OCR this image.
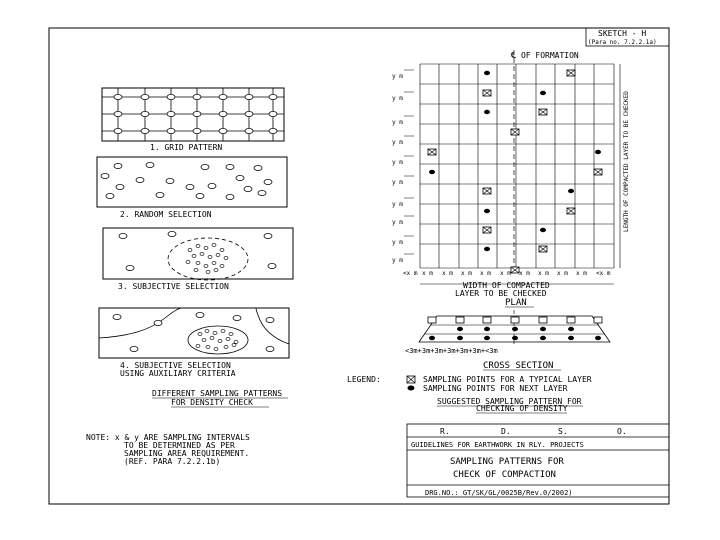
SKETCH - H
(Para no. 7.2.2.1a)
1. GRID PATTERN
2. RANDOM SELECTION
3. SUBJECTIVE SELECTION
4. SUBJECTIVE SELECTION
USING AUXILIARY CRITERIA
DIFFERENT SAMPLING PATTERNS
FOR DENSITY CHECK
NOTE: x & y ARE SAMPLING INTERVALS
TO BE DETERMINED AS PER
SAMPLING AREA REQUIREMENT.
(REF. PARA 7.2.2.1b)
℄ OF FORMATION
y m
y m
y m
y m
y m
y m
y m
y m
y m
y m
<x m x m x m x m x m x m x m x m x m x m <x m
LENGTH OF COMPACTED LAYER TO BE CHECKED
WIDTH OF COMPACTED
LAYER TO BE CHECKED
PLAN
<3m+3m+3m+3m+3m+3m+<3m
CROSS SECTION
LEGEND:	SAMPLING POINTS FOR A TYPICAL LAYER
SAMPLING POINTS FOR NEXT LAYER
SUGGESTED SAMPLING PATTERN FOR
CHECKING OF DENSITY
R.	D.	S.	O.
GUIDELINES FOR EARTHWORK IN RLY. PROJECTS
SAMPLING PATTERNS FOR
CHECK OF COMPACTION
DRG.NO.: GT/SK/GL/0025B/Rev.0/2002)
